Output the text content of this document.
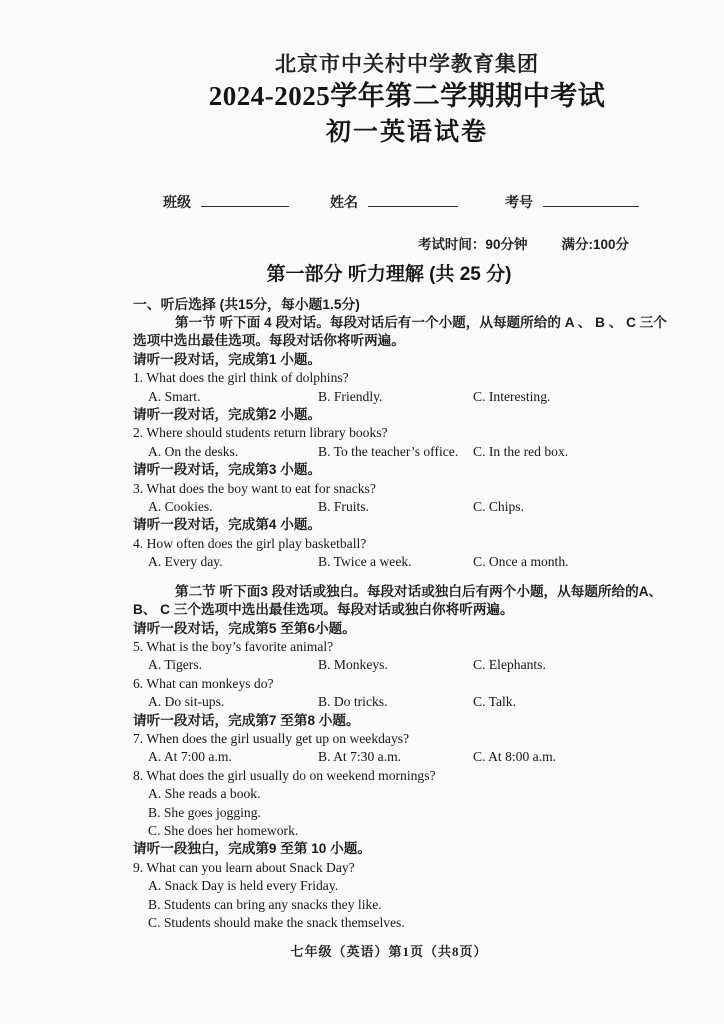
北京市中关村中学教育集团
2024-2025学年第二学期期中考试
初一英语试卷
班级	姓名	考号
考试时间：90分钟	满分:100分
第一部分 听力理解 (共 25 分)
一、听后选择 (共15分，每小题1.5分)
第一节 听下面 4 段对话。每段对话后有一个小题，从每题所给的 A 、 B 、 C 三个
选项中选出最佳选项。每段对话你将听两遍。
请听一段对话，完成第1 小题。
1. What does the girl think of dolphins?
A. Smart.	B. Friendly.	C. Interesting.
请听一段对话，完成第2 小题。
2. Where should students return library books?
A. On the desks.	B. To the teacher’s office.	C. In the red box.
请听一段对话，完成第3 小题。
3. What does the boy want to eat for snacks?
A. Cookies.	B. Fruits.	C. Chips.
请听一段对话，完成第4 小题。
4. How often does the girl play basketball?
A. Every day.	B. Twice a week.	C. Once a month.
第二节 听下面3 段对话或独白。每段对话或独白后有两个小题，从每题所给的A、
B、 C 三个选项中选出最佳选项。每段对话或独白你将听两遍。
请听一段对话，完成第5 至第6小题。
5. What is the boy’s favorite animal?
A. Tigers.	B. Monkeys.	C. Elephants.
6. What can monkeys do?
A. Do sit-ups.	B. Do tricks.	C. Talk.
请听一段对话，完成第7 至第8 小题。
7. When does the girl usually get up on weekdays?
A. At 7:00 a.m.	B. At 7:30 a.m.	C. At 8:00 a.m.
8. What does the girl usually do on weekend mornings?
A. She reads a book.
B. She goes jogging.
C. She does her homework.
请听一段独白，完成第9 至第 10 小题。
9. What can you learn about Snack Day?
A. Snack Day is held every Friday.
B. Students can bring any snacks they like.
C. Students should make the snack themselves.
七年级（英语）第1页（共8页）
